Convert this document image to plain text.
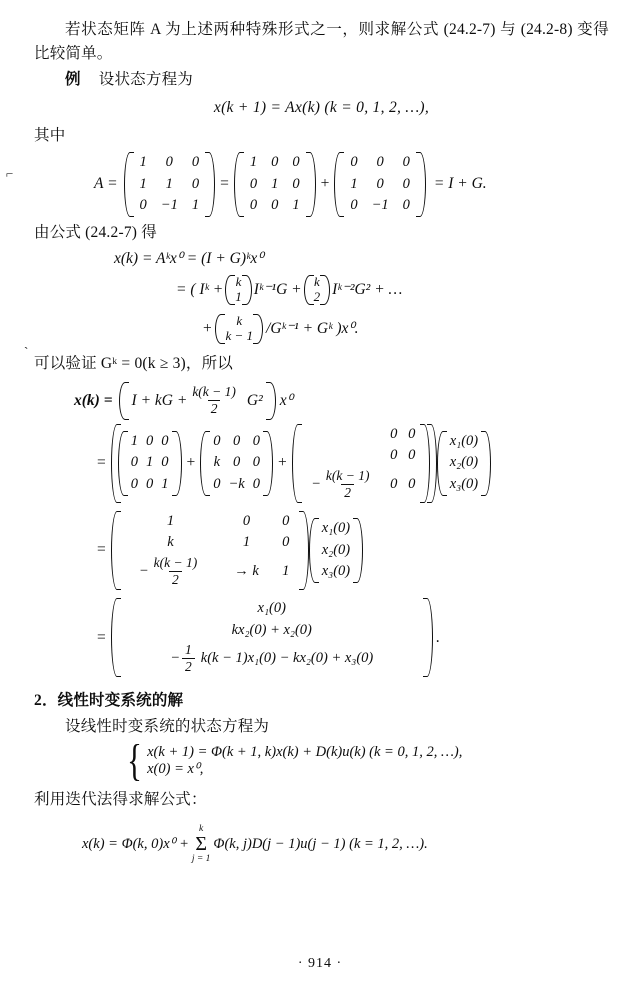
若状态矩阵 A 为上述两种特殊形式之一，则求解公式 (24.2-7) 与 (24.2-8) 变得比较简单。

例 设状态方程为

x(k + 1) = Ax(k) (k = 0, 1, 2, …),

其中

A =
1	0	0
1	1	0
0	−1	1
=
1	0	0
0	1	0
0	0	1
+
0	0	0
1	0	0
0	−1	0
= I + G.

由公式 (24.2-7) 得

x(k) = Aᵏx⁰ = (I + G)ᵏx⁰
= ( Iᵏ + k
1 Iᵏ⁻¹G + k
2 Iᵏ⁻²G² + …
+ k
k − 1 /Gᵏ⁻¹ + Gᵏ )x⁰.

可以验证 Gᵏ = 0(k ≥ 3)，所以

x(k) = I + kG + $\frac{k(k - 1)}{2} G^2$ x⁰
=
1	0	0
0	1	0
0	0	1
+
0	0	0
k	0	0
0	−k	0
+
	0	0
	0	0

− $\frac{k(k - 1)}{2}$	0	0
x₁(0)
x₂(0)
x₃(0)
=
1	0	0
k	1	0

− $\frac{k(k - 1)}{2}$	→ k	1
x₁(0)
x₂(0)
x₃(0)
=
x₁(0)
kx₂(0) + x₂(0)

− $\frac{1}{2} k(k - 1)x_1(0) - kx_2(0) + x_3(0)$
.

2．线性时变系统的解

设线性时变系统的状态方程为

{ x(k + 1) = Φ(k + 1, k)x(k) + D(k)u(k) (k = 0, 1, 2, …),
x(0) = x⁰,

利用迭代法得求解公式：

x(k) = Φ(k, 0)x⁰ +
k
Σ
j = 1
Φ(k, j)D(j − 1)u(j − 1) (k = 1, 2, …).
⌐
`
· 914 ·
